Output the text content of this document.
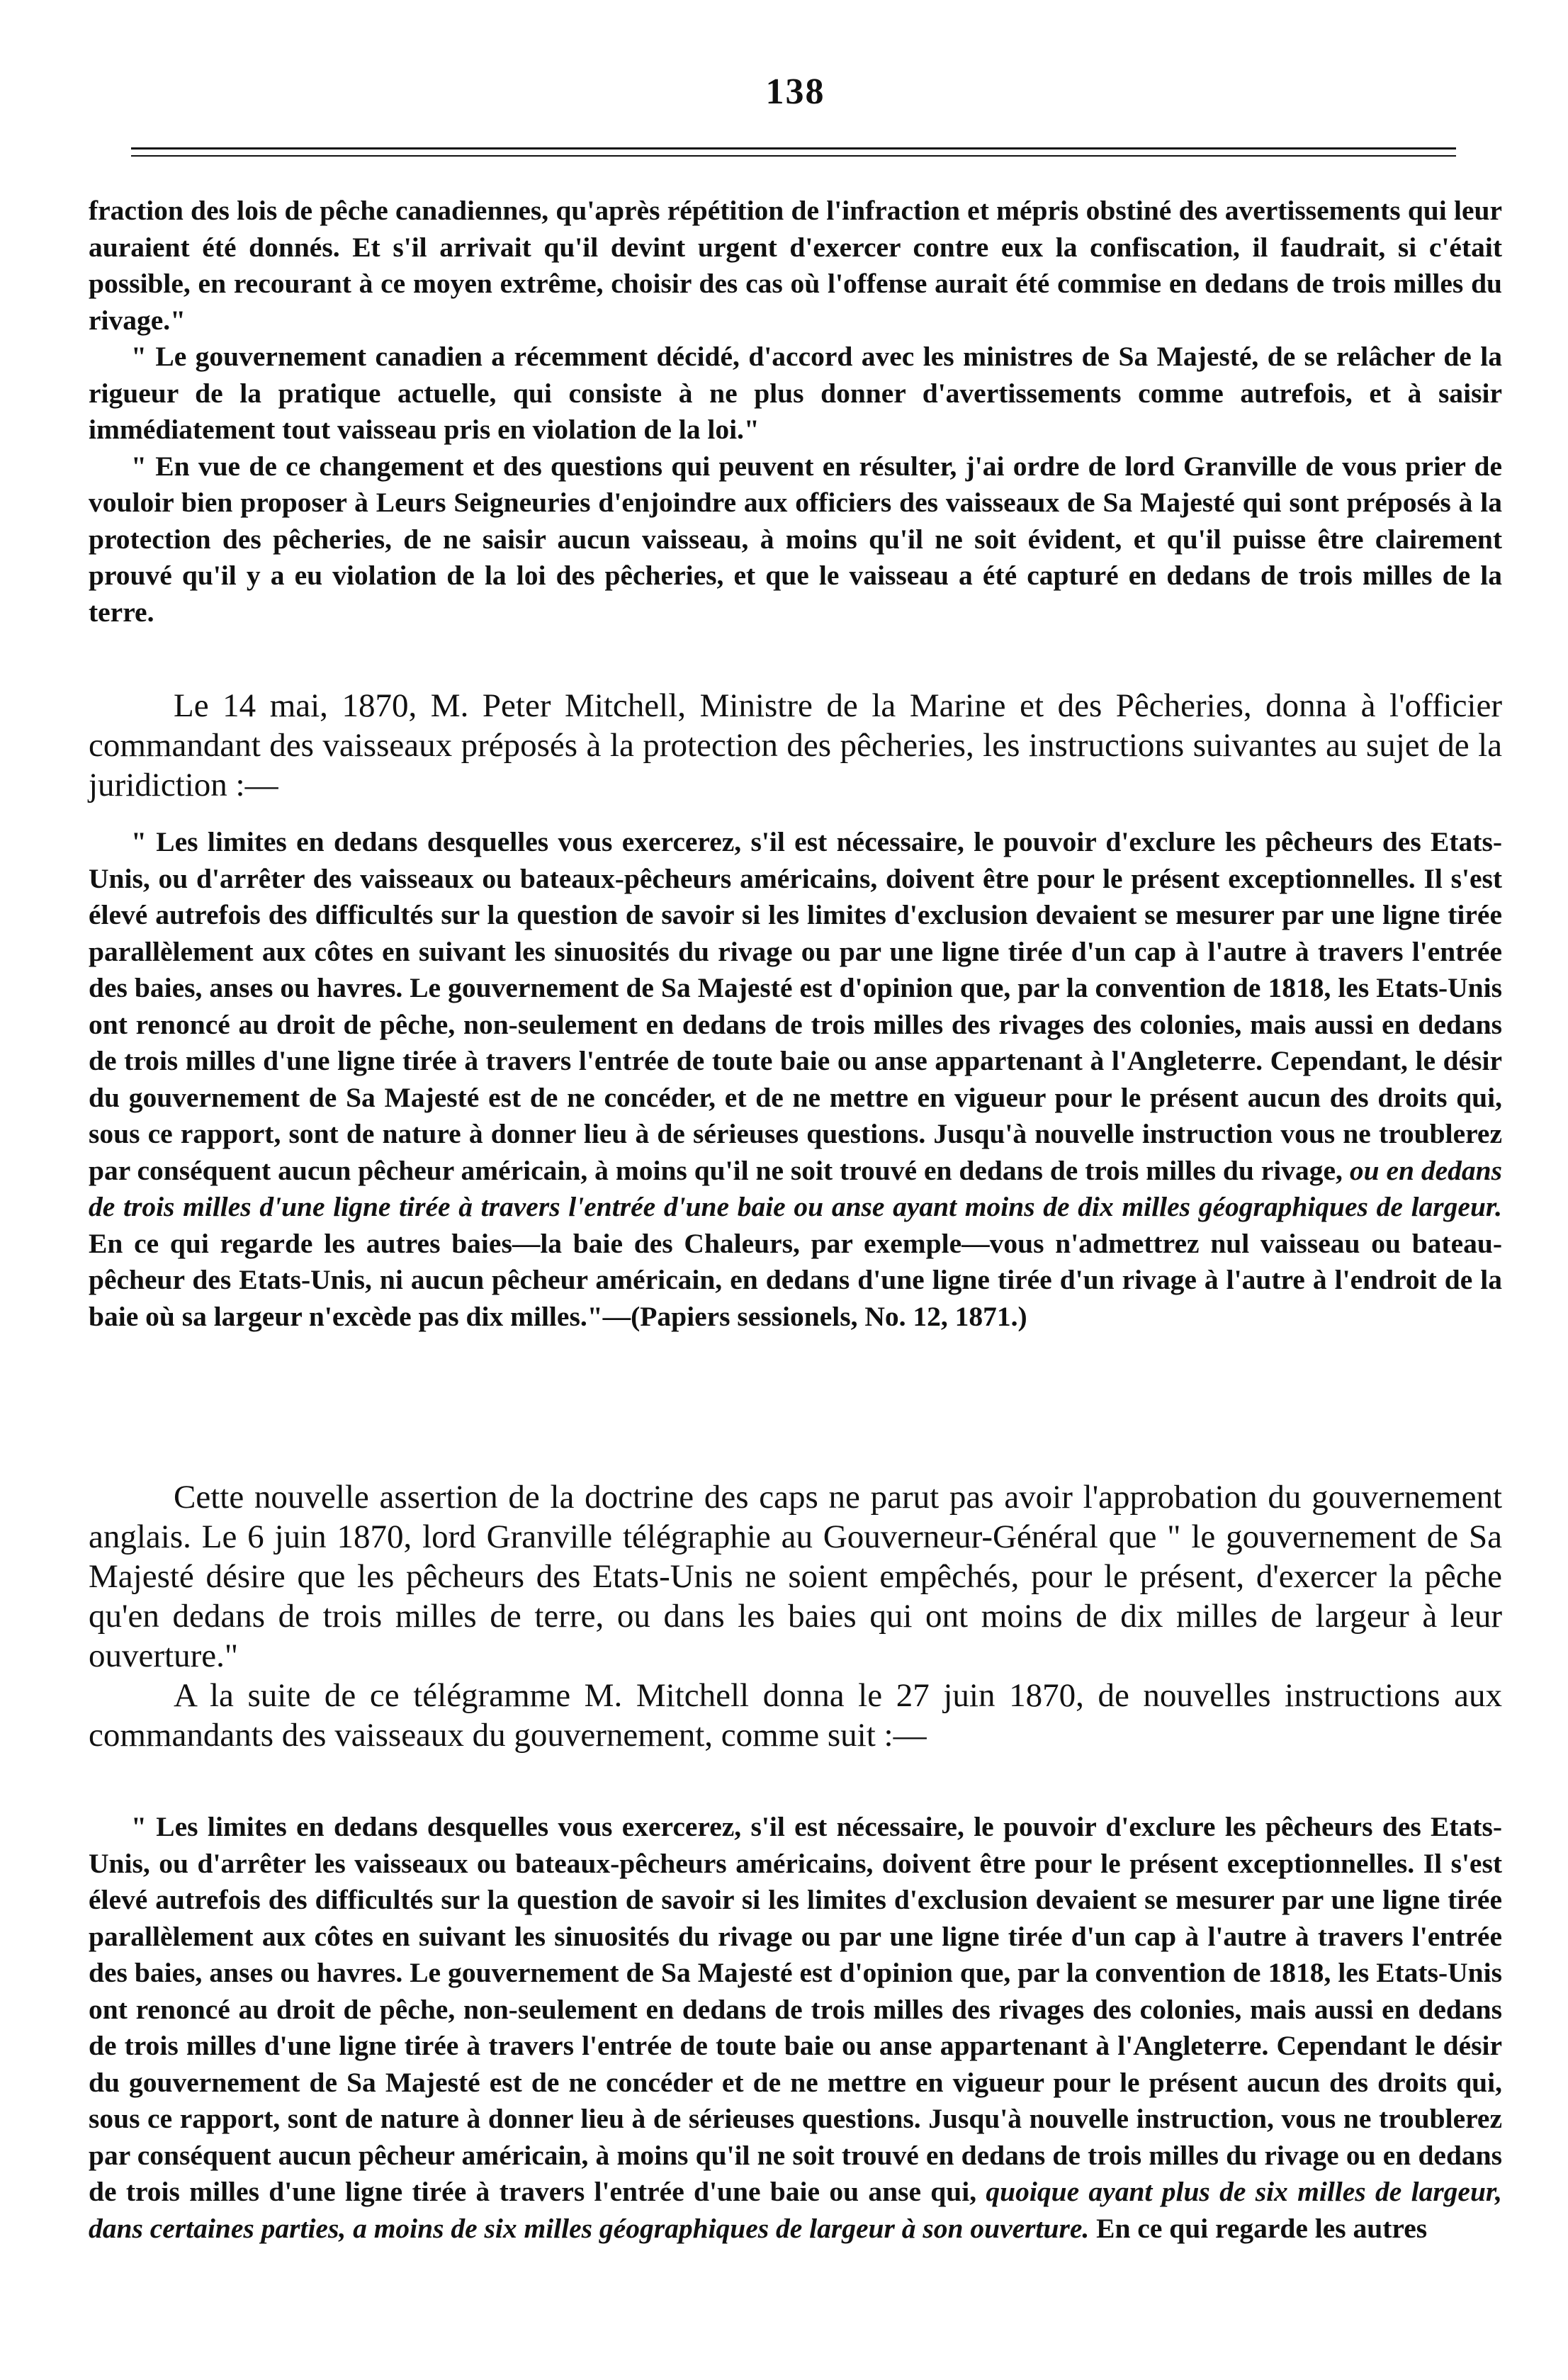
138

fraction des lois de pêche canadiennes, qu'après répétition de l'infraction et mépris obstiné des avertissements qui leur auraient été donnés. Et s'il arrivait qu'il devint urgent d'exercer contre eux la confiscation, il faudrait, si c'était possible, en recourant à ce moyen extrême, choisir des cas où l'offense aurait été commise en dedans de trois milles du rivage."

" Le gouvernement canadien a récemment décidé, d'accord avec les ministres de Sa Majesté, de se relâcher de la rigueur de la pratique actuelle, qui consiste à ne plus donner d'avertissements comme autrefois, et à saisir immédiatement tout vaisseau pris en violation de la loi."

" En vue de ce changement et des questions qui peuvent en résulter, j'ai ordre de lord Granville de vous prier de vouloir bien proposer à Leurs Seigneuries d'enjoindre aux officiers des vaisseaux de Sa Majesté qui sont préposés à la protection des pêcheries, de ne saisir aucun vaisseau, à moins qu'il ne soit évident, et qu'il puisse être clairement prouvé qu'il y a eu violation de la loi des pêcheries, et que le vaisseau a été capturé en dedans de trois milles de la terre.

Le 14 mai, 1870, M. Peter Mitchell, Ministre de la Marine et des Pêcheries, donna à l'officier commandant des vaisseaux préposés à la protection des pêcheries, les instructions suivantes au sujet de la juridiction :—

" Les limites en dedans desquelles vous exercerez, s'il est nécessaire, le pouvoir d'exclure les pêcheurs des Etats-Unis, ou d'arrêter des vaisseaux ou bateaux-pêcheurs américains, doivent être pour le présent exceptionnelles. Il s'est élevé autrefois des difficultés sur la question de savoir si les limites d'exclusion devaient se mesurer par une ligne tirée parallèlement aux côtes en suivant les sinuosités du rivage ou par une ligne tirée d'un cap à l'autre à travers l'entrée des baies, anses ou havres. Le gouvernement de Sa Majesté est d'opinion que, par la convention de 1818, les Etats-Unis ont renoncé au droit de pêche, non-seulement en dedans de trois milles des rivages des colonies, mais aussi en dedans de trois milles d'une ligne tirée à travers l'entrée de toute baie ou anse appartenant à l'Angleterre. Cependant, le désir du gouvernement de Sa Majesté est de ne concéder, et de ne mettre en vigueur pour le présent aucun des droits qui, sous ce rapport, sont de nature à donner lieu à de sérieuses questions. Jusqu'à nouvelle instruction vous ne troublerez par conséquent aucun pêcheur américain, à moins qu'il ne soit trouvé en dedans de trois milles du rivage, ou en dedans de trois milles d'une ligne tirée à travers l'entrée d'une baie ou anse ayant moins de dix milles géographiques de largeur. En ce qui regarde les autres baies—la baie des Chaleurs, par exemple—vous n'admettrez nul vaisseau ou bateau-pêcheur des Etats-Unis, ni aucun pêcheur américain, en dedans d'une ligne tirée d'un rivage à l'autre à l'endroit de la baie où sa largeur n'excède pas dix milles."—(Papiers sessionels, No. 12, 1871.)

Cette nouvelle assertion de la doctrine des caps ne parut pas avoir l'approbation du gouvernement anglais. Le 6 juin 1870, lord Granville télégraphie au Gouverneur-Général que " le gouvernement de Sa Majesté désire que les pêcheurs des Etats-Unis ne soient empêchés, pour le présent, d'exercer la pêche qu'en dedans de trois milles de terre, ou dans les baies qui ont moins de dix milles de largeur à leur ouverture."

A la suite de ce télégramme M. Mitchell donna le 27 juin 1870, de nouvelles instructions aux commandants des vaisseaux du gouvernement, comme suit :—

" Les limites en dedans desquelles vous exercerez, s'il est nécessaire, le pouvoir d'exclure les pêcheurs des Etats-Unis, ou d'arrêter les vaisseaux ou bateaux-pêcheurs américains, doivent être pour le présent exceptionnelles. Il s'est élevé autrefois des difficultés sur la question de savoir si les limites d'exclusion devaient se mesurer par une ligne tirée parallèlement aux côtes en suivant les sinuosités du rivage ou par une ligne tirée d'un cap à l'autre à travers l'entrée des baies, anses ou havres. Le gouvernement de Sa Majesté est d'opinion que, par la convention de 1818, les Etats-Unis ont renoncé au droit de pêche, non-seulement en dedans de trois milles des rivages des colonies, mais aussi en dedans de trois milles d'une ligne tirée à travers l'entrée de toute baie ou anse appartenant à l'Angleterre. Cependant le désir du gouvernement de Sa Majesté est de ne concéder et de ne mettre en vigueur pour le présent aucun des droits qui, sous ce rapport, sont de nature à donner lieu à de sérieuses questions. Jusqu'à nouvelle instruction, vous ne troublerez par conséquent aucun pêcheur américain, à moins qu'il ne soit trouvé en dedans de trois milles du rivage ou en dedans de trois milles d'une ligne tirée à travers l'entrée d'une baie ou anse qui, quoique ayant plus de six milles de largeur, dans certaines parties, a moins de six milles géographiques de largeur à son ouverture. En ce qui regarde les autres
